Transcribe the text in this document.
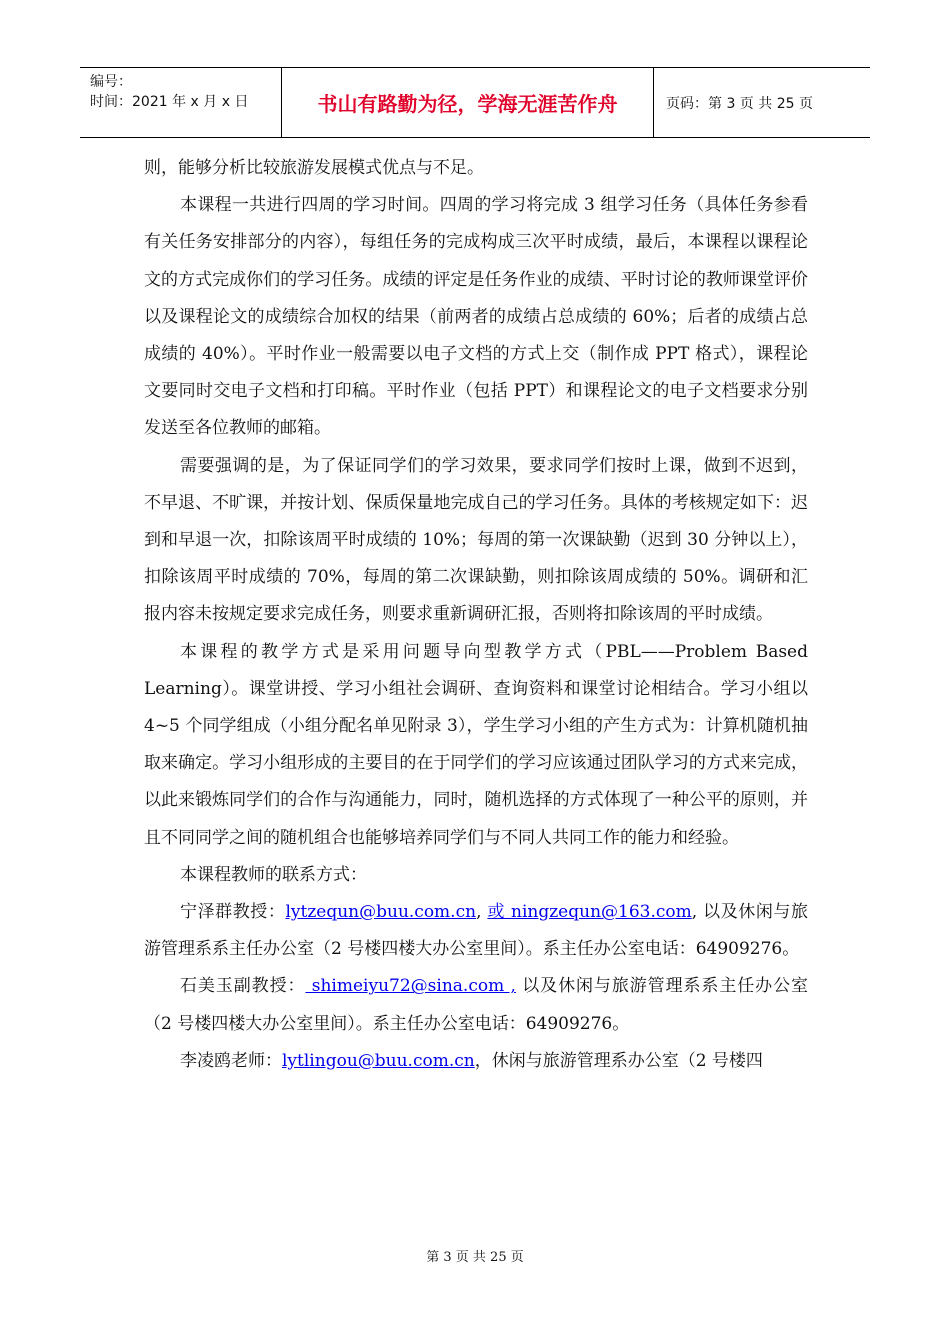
编号：
时间：2021 年 x 月 x 日	书山有路勤为径，学海无涯苦作舟	页码：第 3 页 共 25 页

则，能够分析比较旅游发展模式优点与不足。

本课程一共进行四周的学习时间。四周的学习将完成 3 组学习任务（具体任务参看有关任务安排部分的内容），每组任务的完成构成三次平时成绩，最后，本课程以课程论文的方式完成你们的学习任务。成绩的评定是任务作业的成绩、平时讨论的教师课堂评价以及课程论文的成绩综合加权的结果（前两者的成绩占总成绩的 60%；后者的成绩占总成绩的 40%）。平时作业一般需要以电子文档的方式上交（制作成 PPT 格式），课程论文要同时交电子文档和打印稿。平时作业（包括 PPT）和课程论文的电子文档要求分别发送至各位教师的邮箱。

需要强调的是，为了保证同学们的学习效果，要求同学们按时上课，做到不迟到，不早退、不旷课，并按计划、保质保量地完成自己的学习任务。具体的考核规定如下：迟到和早退一次，扣除该周平时成绩的 10%；每周的第一次课缺勤（迟到 30 分钟以上），扣除该周平时成绩的 70%，每周的第二次课缺勤，则扣除该周成绩的 50%。调研和汇报内容未按规定要求完成任务，则要求重新调研汇报，否则将扣除该周的平时成绩。

本课程的教学方式是采用问题导向型教学方式（PBL——Problem Based Learning）。课堂讲授、学习小组社会调研、查询资料和课堂讨论相结合。学习小组以 4~5 个同学组成（小组分配名单见附录 3），学生学习小组的产生方式为：计算机随机抽取来确定。学习小组形成的主要目的在于同学们的学习应该通过团队学习的方式来完成，以此来锻炼同学们的合作与沟通能力，同时，随机选择的方式体现了一种公平的原则，并且不同同学之间的随机组合也能够培养同学们与不同人共同工作的能力和经验。

本课程教师的联系方式：

宁泽群教授：lytzequn@buu.com.cn, 或 ningzequn@163.com, 以及休闲与旅游管理系系主任办公室（2 号楼四楼大办公室里间）。系主任办公室电话：64909276。

石美玉副教授： shimeiyu72@sina.com , 以及休闲与旅游管理系系主任办公室（2 号楼四楼大办公室里间）。系主任办公室电话：64909276。

李凌鸥老师：lytlingou@buu.com.cn，休闲与旅游管理系办公室（2 号楼四

第 3 页 共 25 页
